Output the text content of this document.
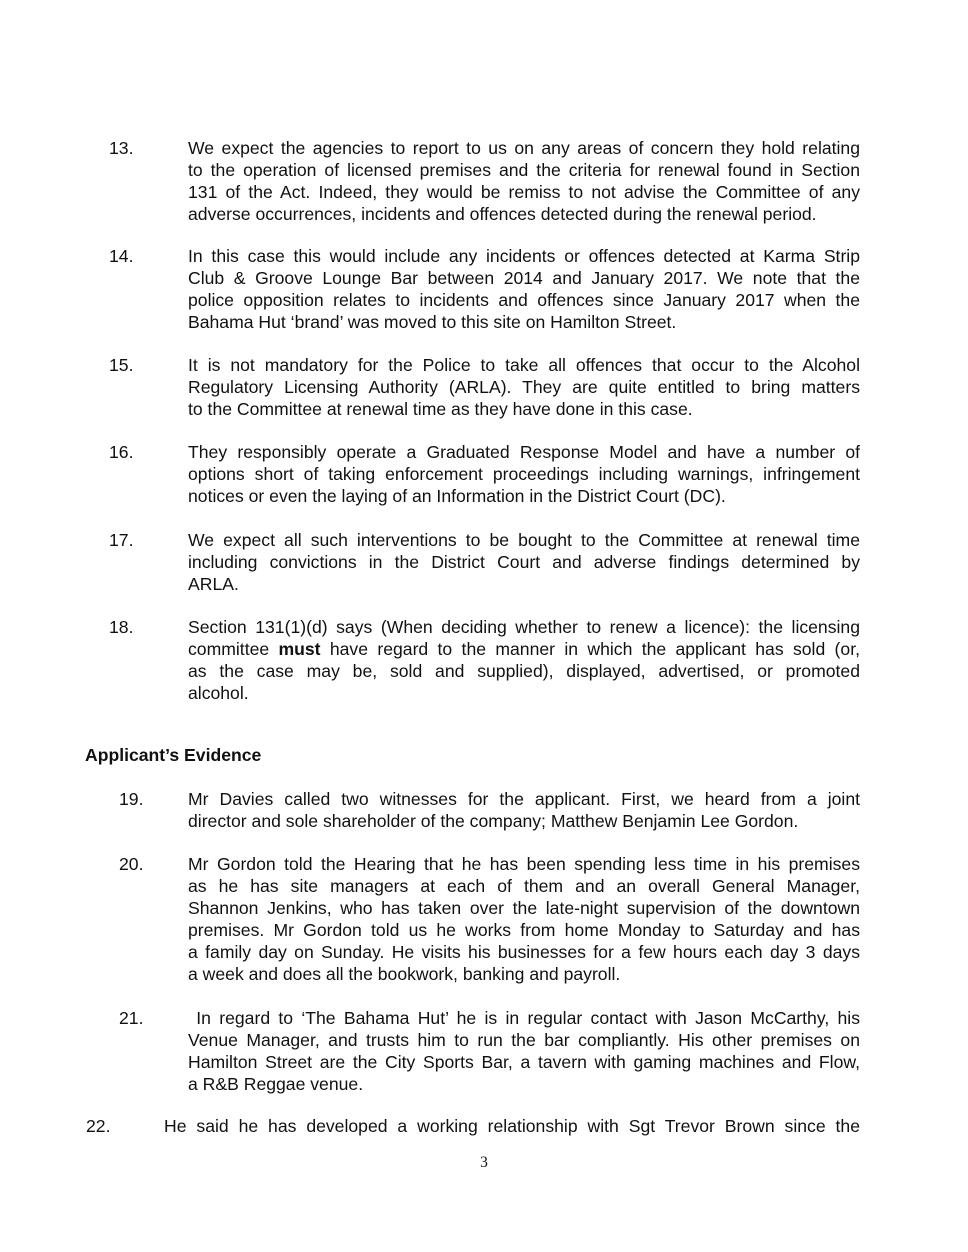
13.	We expect the agencies to report to us on any areas of concern they hold relating
to the operation of licensed premises and the criteria for renewal found in Section
131 of the Act. Indeed, they would be remiss to not advise the Committee of any
adverse occurrences, incidents and offences detected during the renewal period.
14.	In this case this would include any incidents or offences detected at Karma Strip
Club & Groove Lounge Bar between 2014 and January 2017. We note that the
police opposition relates to incidents and offences since January 2017 when the
Bahama Hut ‘brand’ was moved to this site on Hamilton Street.
15.	It is not mandatory for the Police to take all offences that occur to the Alcohol
Regulatory Licensing Authority (ARLA). They are quite entitled to bring matters
to the Committee at renewal time as they have done in this case.
16.	They responsibly operate a Graduated Response Model and have a number of
options short of taking enforcement proceedings including warnings, infringement
notices or even the laying of an Information in the District Court (DC).
17.	We expect all such interventions to be bought to the Committee at renewal time
including convictions in the District Court and adverse findings determined by
ARLA.
18.	Section 131(1)(d) says (When deciding whether to renew a licence): the licensing
committee must have regard to the manner in which the applicant has sold (or,
as the case may be, sold and supplied), displayed, advertised, or promoted
alcohol.
Applicant’s Evidence
19.	Mr Davies called two witnesses for the applicant. First, we heard from a joint
director and sole shareholder of the company; Matthew Benjamin Lee Gordon.
20.	Mr Gordon told the Hearing that he has been spending less time in his premises
as he has site managers at each of them and an overall General Manager,
Shannon Jenkins, who has taken over the late-night supervision of the downtown
premises. Mr Gordon told us he works from home Monday to Saturday and has
a family day on Sunday. He visits his businesses for a few hours each day 3 days
a week and does all the bookwork, banking and payroll.
21.	In regard to ‘The Bahama Hut’ he is in regular contact with Jason McCarthy, his
Venue Manager, and trusts him to run the bar compliantly. His other premises on
Hamilton Street are the City Sports Bar, a tavern with gaming machines and Flow,
a R&B Reggae venue.
22.	He said he has developed a working relationship with Sgt Trevor Brown since the
3
